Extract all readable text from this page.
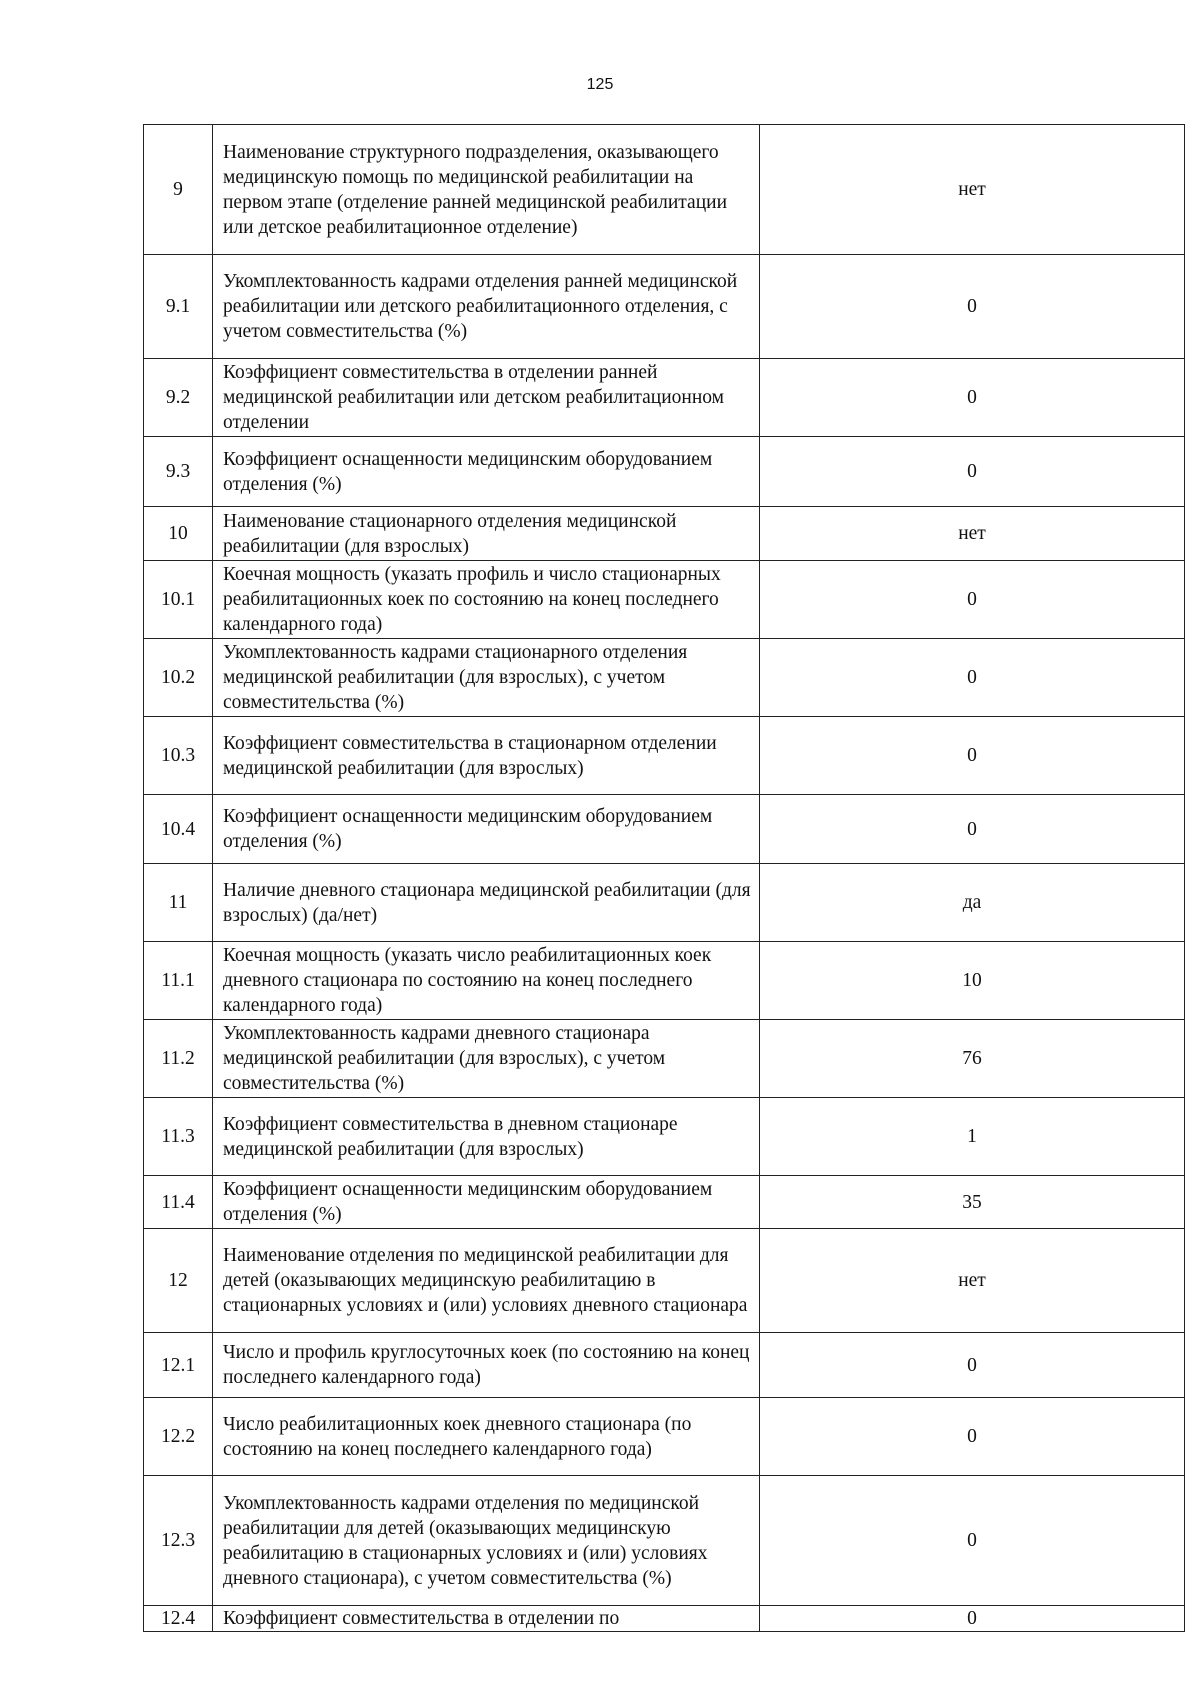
125
9	Наименование структурного подразделения, оказывающего медицинскую помощь по медицинской реабилитации на первом этапе (отделение ранней медицинской реабилитации или детское реабилитационное отделение)	нет
9.1	Укомплектованность кадрами отделения ранней медицинской реабилитации или детского реабилитационного отделения, с учетом совместительства (%)	0
9.2	Коэффициент совместительства в отделении ранней медицинской реабилитации или детском реабилитационном отделении	0
9.3	Коэффициент оснащенности медицинским оборудованием отделения (%)	0
10	Наименование стационарного отделения медицинской реабилитации (для взрослых)	нет
10.1	Коечная мощность (указать профиль и число стационарных реабилитационных коек по состоянию на конец последнего календарного года)	0
10.2	Укомплектованность кадрами стационарного отделения медицинской реабилитации (для взрослых), с учетом совместительства (%)	0
10.3	Коэффициент совместительства в стационарном отделении медицинской реабилитации (для взрослых)	0
10.4	Коэффициент оснащенности медицинским оборудованием отделения (%)	0
11	Наличие дневного стационара медицинской реабилитации (для взрослых) (да/нет)	да
11.1	Коечная мощность (указать число реабилитационных коек дневного стационара по состоянию на конец последнего календарного года)	10
11.2	Укомплектованность кадрами дневного стационара медицинской реабилитации (для взрослых), с учетом совместительства (%)	76
11.3	Коэффициент совместительства в дневном стационаре медицинской реабилитации (для взрослых)	1
11.4	Коэффициент оснащенности медицинским оборудованием отделения (%)	35
12	Наименование отделения по медицинской реабилитации для детей (оказывающих медицинскую реабилитацию в стационарных условиях и (или) условиях дневного стационара	нет
12.1	Число и профиль круглосуточных коек (по состоянию на конец последнего календарного года)	0
12.2	Число реабилитационных коек дневного стационара (по состоянию на конец последнего календарного года)	0
12.3	Укомплектованность кадрами отделения по медицинской реабилитации для детей (оказывающих медицинскую реабилитацию в стационарных условиях и (или) условиях дневного стационара), с учетом совместительства (%)	0
12.4	Коэффициент совместительства в отделении по	0
